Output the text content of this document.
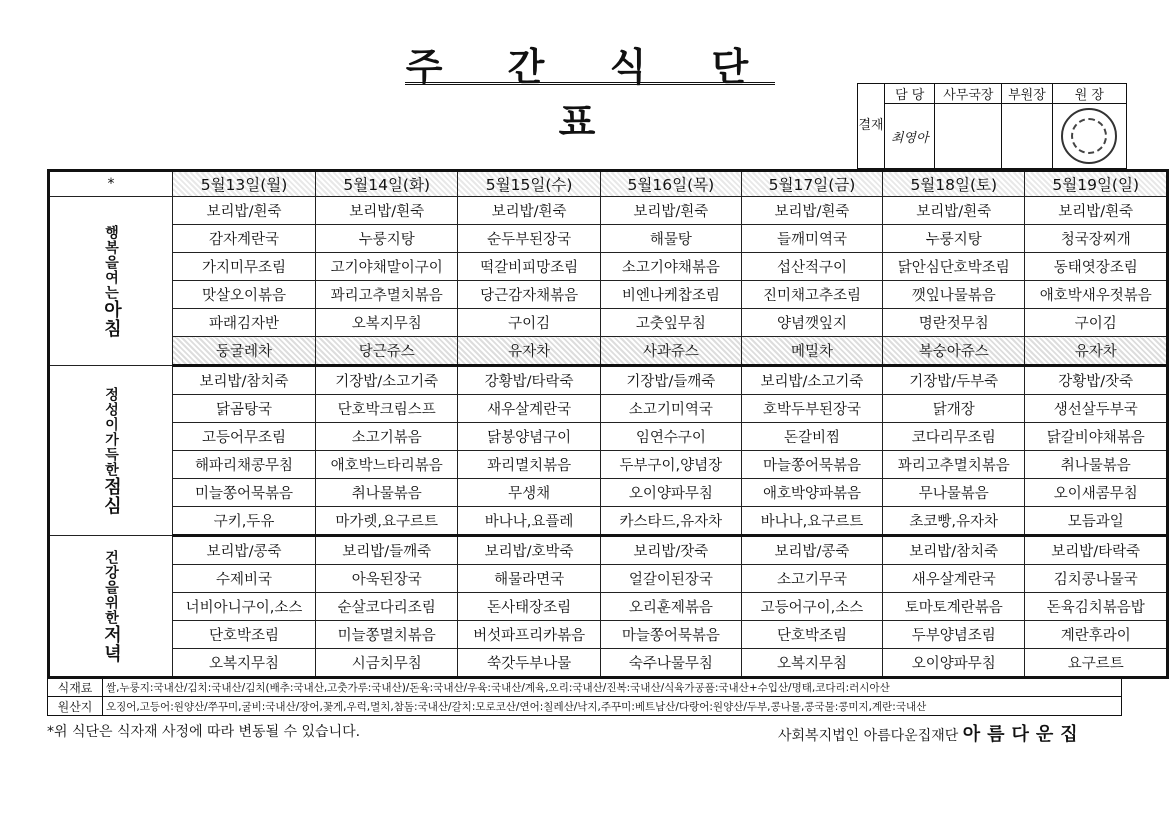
주 간 식 단 표	결재	담 당	사무국장	부원장	원 장
	최영아			
*	5월13일(월)	5월14일(화)	5월15일(수)	5월16일(목)	5월17일(금)	5월18일(토)	5월19일(일)
행복을여는아침	보리밥/흰죽	보리밥/흰죽	보리밥/흰죽	보리밥/흰죽	보리밥/흰죽	보리밥/흰죽	보리밥/흰죽
	감자계란국	누룽지탕	순두부된장국	해물탕	들깨미역국	누룽지탕	청국장찌개
	가지미무조림	고기야채말이구이	떡갈비피망조림	소고기야채볶음	섭산적구이	닭안심단호박조림	동태엿장조림
	맛살오이볶음	꽈리고추멸치볶음	당근감자채볶음	비엔나케찹조림	진미채고추조림	깻잎나물볶음	애호박새우젓볶음
	파래김자반	오복지무침	구이김	고춧잎무침	양념깻잎지	명란젓무침	구이김
	둥굴레차	당근쥬스	유자차	사과쥬스	메밀차	복숭아쥬스	유자차
정성이가득한점심	보리밥/참치죽	기장밥/소고기죽	강황밥/타락죽	기장밥/들깨죽	보리밥/소고기죽	기장밥/두부죽	강황밥/잣죽
	닭곰탕국	단호박크림스프	새우살계란국	소고기미역국	호박두부된장국	닭개장	생선살두부국
	고등어무조림	소고기볶음	닭봉양념구이	임연수구이	돈갈비찜	코다리무조림	닭갈비야채볶음
	해파리채콩무침	애호박느타리볶음	꽈리멸치볶음	두부구이,양념장	마늘쫑어묵볶음	꽈리고추멸치볶음	취나물볶음
	미늘쫑어묵볶음	취나물볶음	무생채	오이양파무침	애호박양파볶음	무나물볶음	오이새콤무침
	구키,두유	마가렛,요구르트	바나나,요플레	카스타드,유자차	바나나,요구르트	초코빵,유자차	모듬과일
건강을위한저녁	보리밥/콩죽	보리밥/들깨죽	보리밥/호박죽	보리밥/잣죽	보리밥/콩죽	보리밥/참치죽	보리밥/타락죽
	수제비국	아욱된장국	해물라면국	얼갈이된장국	소고기무국	새우살계란국	김치콩나물국
	너비아니구이,소스	순살코다리조림	돈사태장조림	오리훈제볶음	고등어구이,소스	토마토계란볶음	돈육김치볶음밥
	단호박조림	미늘쫑멸치볶음	버섯파프리카볶음	마늘쫑어묵볶음	단호박조림	두부양념조림	계란후라이
	오복지무침	시금치무침	쑥갓두부나물	숙주나물무침	오복지무침	오이양파무침	요구르트
식재료	쌀,누룽지:국내산/김치:국내산/김치(배추:국내산,고춧가루:국내산)/돈육:국내산/우육:국내산/계육,오리:국내산/진복:국내산/식육가공품:국내산+수입산/명태,코다리:러시아산
원산지	오징어,고등어:원양산/쭈꾸미,굴비:국내산/장어,꽃게,우럭,멸치,참돔:국내산/갈치:모로코산/연어:칠레산/낙지,주꾸미:베트남산/다랑어:원양산/두부,콩나물,콩국물:콩미지,계란:국내산
*위 식단은 식자재 사정에 따라 변동될 수 있습니다.	사회복지법인 아름다운집재단 아름다운집
